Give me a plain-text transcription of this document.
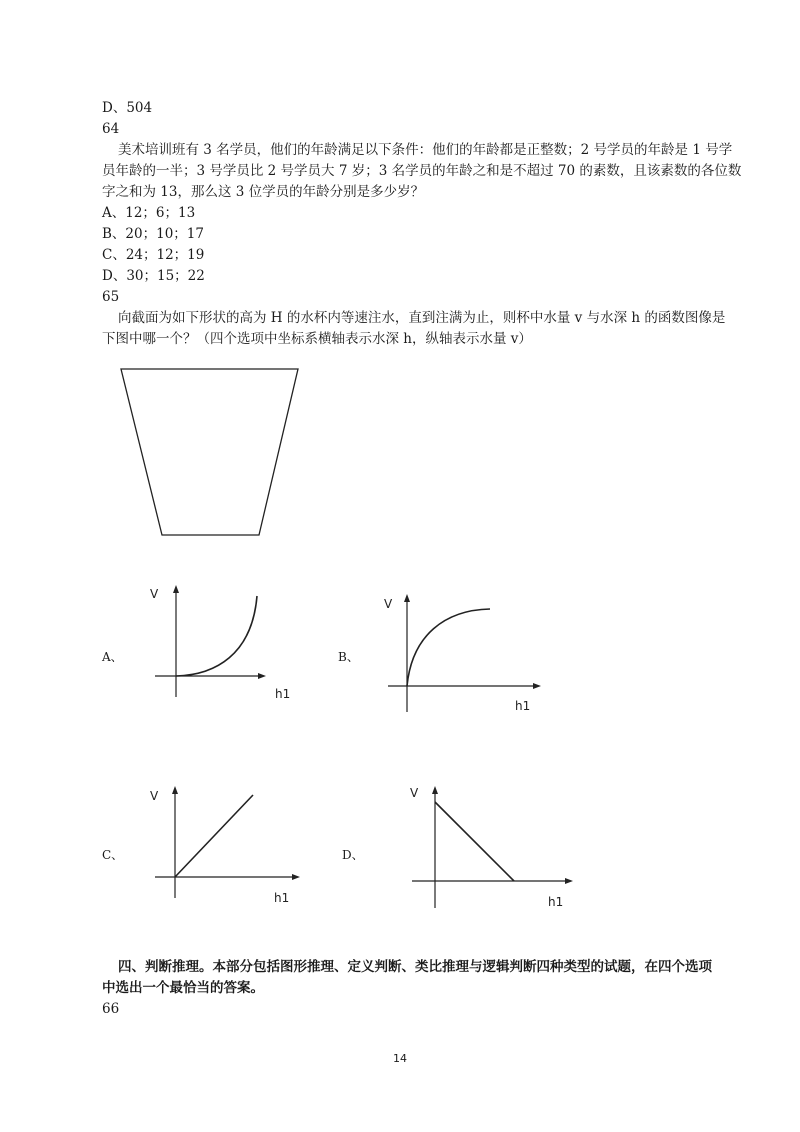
D、504
64
美术培训班有 3 名学员，他们的年龄满足以下条件：他们的年龄都是正整数；2 号学员的年龄是 1 号学
员年龄的一半；3 号学员比 2 号学员大 7 岁；3 名学员的年龄之和是不超过 70 的素数，且该素数的各位数
字之和为 13，那么这 3 位学员的年龄分别是多少岁？
A、12；6；13
B、20；10；17
C、24；12；19
D、30；15；22
65
向截面为如下形状的高为 H 的水杯内等速注水，直到注满为止，则杯中水量 v 与水深 h 的函数图像是
下图中哪一个？（四个选项中坐标系横轴表示水深 h，纵轴表示水量 v）
A、
V
h1
B、
V
h1
C、
V
h1
D、
V
h1
四、判断推理。本部分包括图形推理、定义判断、类比推理与逻辑判断四种类型的试题，在四个选项
中选出一个最恰当的答案。
66
14
